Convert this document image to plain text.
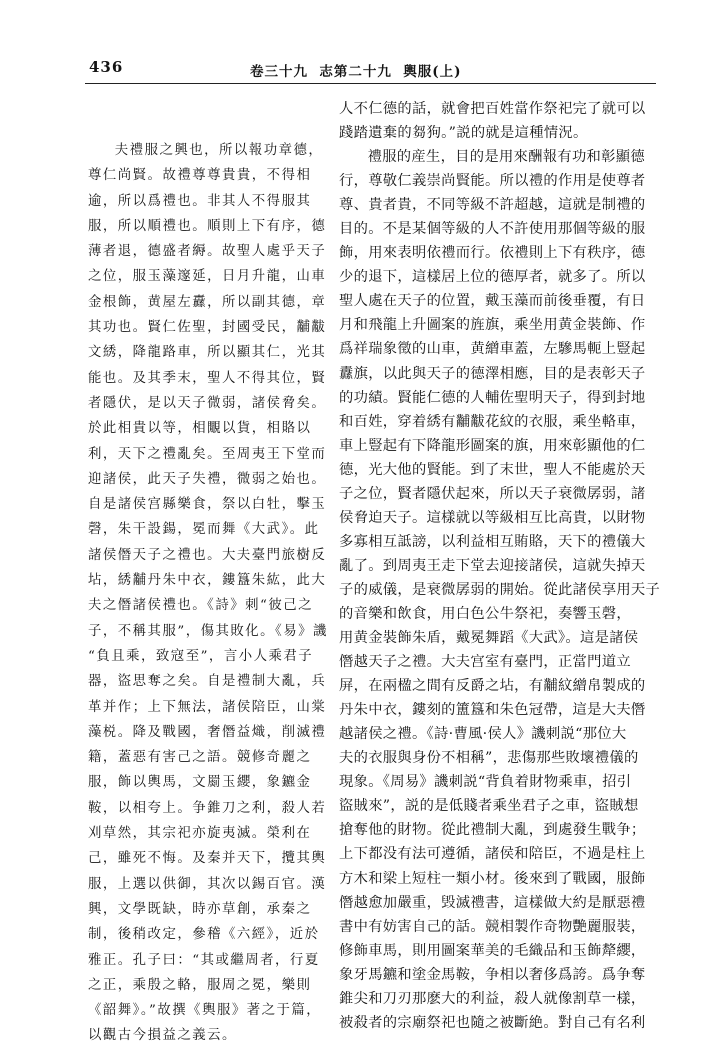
436	卷三十九  志第二十九  輿服(上)
夫禮服之興也，所以報功章德，
尊仁尚賢。故禮尊尊貴貴，不得相
逾，所以爲禮也。非其人不得服其
服，所以順禮也。順則上下有序，德
薄者退，德盛者縟。故聖人處乎天子
之位，服玉藻邃延，日月升龍，山車
金根飾，黄屋左纛，所以副其德，章
其功也。賢仁佐聖，封國受民，黼黻
文綉，降龍路車，所以顯其仁，光其
能也。及其季末，聖人不得其位，賢
者隱伏，是以天子微弱，諸侯脅矣。
於此相貴以等，相覵以貨，相賂以
利，天下之禮亂矣。至周夷王下堂而
迎諸侯，此天子失禮，微弱之始也。
自是諸侯宫縣樂食，祭以白牡，擊玉
磬，朱干設鍚，冕而舞《大武》。此
諸侯僭天子之禮也。大夫臺門旅樹反
坫，綉黼丹朱中衣，鏤簋朱紘，此大
夫之僭諸侯禮也。《詩》刺“彼己之
子，不稱其服”，傷其敗化。《易》譏
“負且乘，致寇至”，言小人乘君子
器，盜思奪之矣。自是禮制大亂，兵
革并作；上下無法，諸侯陪臣，山棠
藻棁。降及戰國，奢僭益熾，削滅禮
籍，蓋惡有害己之語。競修奇麗之
服，飾以輿馬，文罽玉纓，象鑣金
鞍，以相夸上。争錐刀之利，殺人若
刈草然，其宗祀亦旋夷滅。榮利在
己，雖死不悔。及秦并天下，攬其輿
服，上選以供御，其次以錫百官。漢
興，文學既缺，時亦草創，承秦之
制，後稍改定，參稽《六經》，近於
雅正。孔子曰：“其或繼周者，行夏
之正，乘殷之輅，服周之冕，樂則
《韶舞》。”故撰《輿服》著之于篇，
以觀古今損益之義云。
人不仁德的話，就會把百姓當作祭祀完了就可以
踐踏遺棄的芻狗。”説的就是這種情況。
禮服的産生，目的是用來酬報有功和彰顯德
行，尊敬仁義崇尚賢能。所以禮的作用是使尊者
尊、貴者貴，不同等級不許超越，這就是制禮的
目的。不是某個等級的人不許使用那個等級的服
飾，用來表明依禮而行。依禮則上下有秩序，德
少的退下，這樣居上位的德厚者，就多了。所以
聖人處在天子的位置，戴玉藻而前後垂覆，有日
月和飛龍上升圖案的旌旗，乘坐用黄金裝飾、作
爲祥瑞象徵的山車，黄繒車蓋，左驂馬軛上豎起
纛旗，以此與天子的德澤相應，目的是表彰天子
的功績。賢能仁德的人輔佐聖明天子，得到封地
和百姓，穿着綉有黼黻花紋的衣服，乘坐輅車，
車上豎起有下降龍形圖案的旗，用來彰顯他的仁
德，光大他的賢能。到了末世，聖人不能處於天
子之位，賢者隱伏起來，所以天子衰微孱弱，諸
侯脅迫天子。這樣就以等級相互比高貴，以財物
多寡相互詆謗，以利益相互賄賂，天下的禮儀大
亂了。到周夷王走下堂去迎接諸侯，這就失掉天
子的威儀，是衰微孱弱的開始。從此諸侯享用天子
的音樂和飲食，用白色公牛祭祀，奏響玉磬，
用黄金裝飾朱盾，戴冕舞蹈《大武》。這是諸侯
僭越天子之禮。大夫宫室有臺門，正當門道立
屏，在兩楹之間有反爵之坫，有黼紋繒帛製成的
丹朱中衣，鏤刻的簠簋和朱色冠帶，這是大夫僭
越諸侯之禮。《詩·曹風·侯人》譏刺説“那位大
夫的衣服與身份不相稱”，悲傷那些敗壞禮儀的
現象。《周易》譏刺説“背負着財物乘車，招引
盜賊來”，説的是低賤者乘坐君子之車，盜賊想
搶奪他的財物。從此禮制大亂，到處發生戰争；
上下都没有法可遵循，諸侯和陪臣，不過是柱上
方木和梁上短柱一類小材。後來到了戰國，服飾
僭越愈加嚴重，毁滅禮書，這樣做大約是厭惡禮
書中有妨害自己的話。競相製作奇物艷麗服裝，
修飾車馬，則用圖案華美的毛織品和玉飾犛纓，
象牙馬鑣和塗金馬鞍，争相以奢侈爲誇。爲争奪
錐尖和刀刃那麽大的利益，殺人就像割草一樣，
被殺者的宗廟祭祀也隨之被斷絶。對自己有名利
